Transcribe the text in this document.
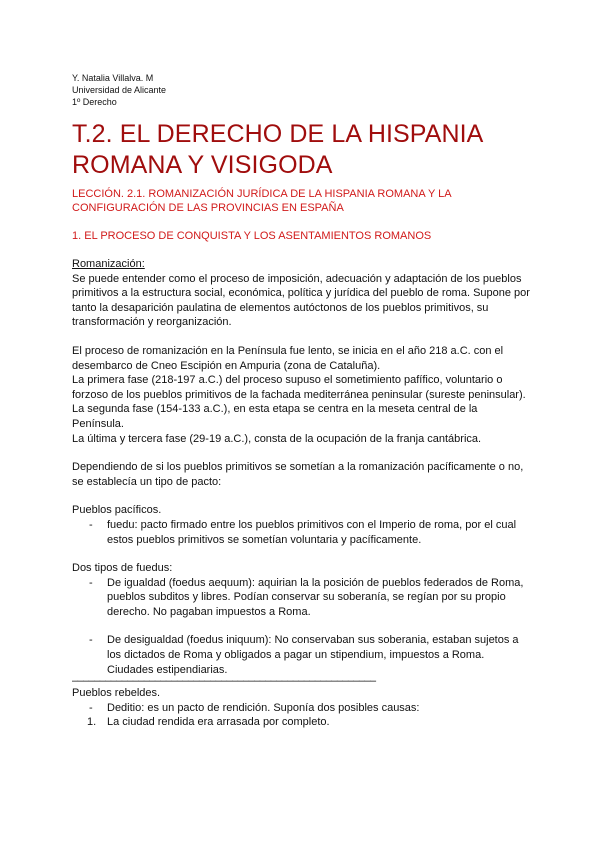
Y. Natalia Villalva. M
Universidad de Alicante
1º Derecho
T.2. EL DERECHO DE LA HISPANIA
ROMANA Y VISIGODA

LECCIÓN. 2.1. ROMANIZACIÓN JURÍDICA DE LA HISPANIA ROMANA Y LA CONFIGURACIÓN DE LAS PROVINCIAS EN ESPAÑA

1. EL PROCESO DE CONQUISTA Y LOS ASENTAMIENTOS ROMANOS

Romanización:

Se puede entender como el proceso de imposición, adecuación y adaptación de los pueblos primitivos a la estructura social, económica, política y jurídica del pueblo de roma. Supone por tanto la desaparición paulatina de elementos autóctonos de los pueblos primitivos, su transformación y reorganización.

El proceso de romanización en la Península fue lento, se inicia en el año 218 a.C. con el desembarco de Cneo Escipión en Ampuria (zona de Cataluña).

La primera fase (218-197 a.C.) del proceso supuso el sometimiento pafífico, voluntario o forzoso de los pueblos primitivos de la fachada mediterránea peninsular (sureste peninsular).

La segunda fase (154-133 a.C.), en esta etapa se centra en la meseta central de la Península.

La última y tercera fase (29-19 a.C.), consta de la ocupación de la franja cantábrica.

Dependiendo de si los pueblos primitivos se sometían a la romanización pacíficamente o no, se establecía un tipo de pacto:

Pueblos pacíficos.

- fuedu: pacto firmado entre los pueblos primitivos con el Imperio de roma, por el cual estos pueblos primitivos se sometían voluntaria y pacíficamente.

Dos tipos de fuedus:

- De igualdad (foedus aequum): aquirian la la posición de pueblos federados de Roma, pueblos subditos y libres. Podían conservar su soberanía, se regían por su propio derecho. No pagaban impuestos a Roma.
- De desigualdad (foedus iniquum): No conservaban sus soberania, estaban sujetos a los dictados de Roma y obligados a pagar un stipendium, impuestos a Roma. Ciudades estipendiarias.
–––––––––––––––––––––––––––––––––––––––––––––––––––––––

Pueblos rebeldes.

- Deditio: es un pacto de rendición. Suponía dos posibles causas:
1. La ciudad rendida era arrasada por completo.
